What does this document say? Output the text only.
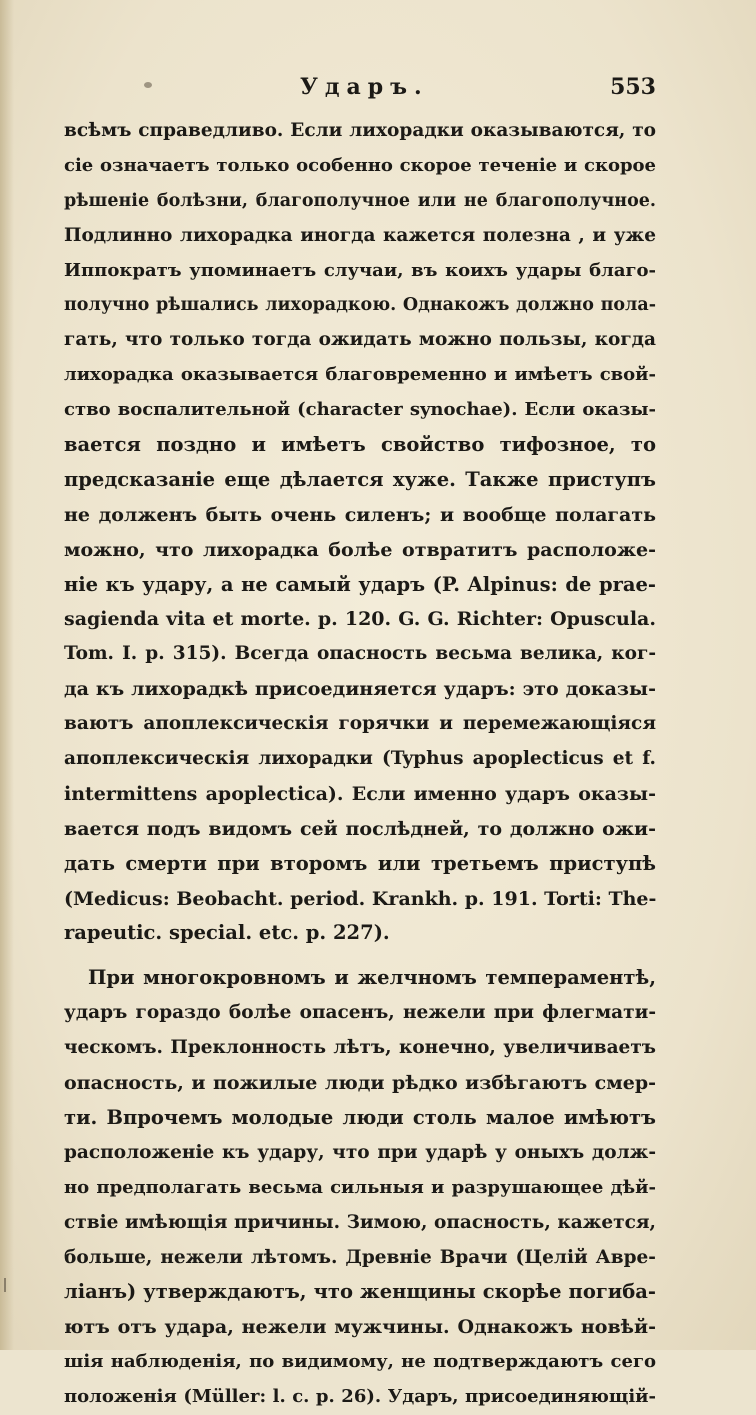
Ударъ.	553
всѣмъ справедливо. Если лихорадки оказываются, то
сіе означаетъ только особенно скорое теченіе и скорое
рѣшеніе болѣзни, благополучное или не благополучное.
Подлинно лихорадка иногда кажется полезна , и уже
Иппократъ упоминаетъ случаи, въ коихъ удары благо-
получно рѣшались лихорадкою. Однакожъ должно пола-
гать, что только тогда ожидать можно пользы, когда
лихорадка оказывается благовременно и имѣетъ свой-
ство воспалительной (character synochae). Если оказы-
вается поздно и имѣетъ свойство тифозное, то
предсказаніе еще дѣлается хуже. Также приступъ
не долженъ быть очень силенъ; и вообще полагать
можно, что лихорадка болѣе отвратитъ расположе-
ніе къ удару, а не самый ударъ (P. Alpinus: de prae-
sagienda vita et morte. p. 120. G. G. Richter: Opuscula.
Tom. I. p. 315). Всегда опасность весьма велика, ког-
да къ лихорадкѣ присоединяется ударъ: это доказы-
ваютъ апоплексическія горячки и перемежающіяся
апоплексическія лихорадки (Typhus apoplecticus et f.
intermittens apoplectica). Если именно ударъ оказы-
вается подъ видомъ сей послѣдней, то должно ожи-
дать смерти при второмъ или третьемъ приступѣ
(Medicus: Beobacht. period. Krankh. p. 191. Torti: The-
rapeutic. special. etc. p. 227).
При многокровномъ и желчномъ темпераментѣ,
ударъ гораздо болѣе опасенъ, нежели при флегмати-
ческомъ. Преклонность лѣтъ, конечно, увеличиваетъ
опасность, и пожилые люди рѣдко избѣгаютъ смер-
ти. Впрочемъ молодые люди столь малое имѣютъ
расположеніе къ удару, что при ударѣ у оныхъ долж-
но предполагать весьма сильныя и разрушающее дѣй-
ствіе имѣющія причины. Зимою, опасность, кажется,
больше, нежели лѣтомъ. Древніе Врачи (Целій Авре-
ліанъ) утверждаютъ, что женщины скорѣе погиба-
ютъ отъ удара, нежели мужчины. Однакожъ новѣй-
шія наблюденія, по видимому, не подтверждаютъ сего
положенія (Müller: l. c. p. 26). Ударъ, присоединяющій-
